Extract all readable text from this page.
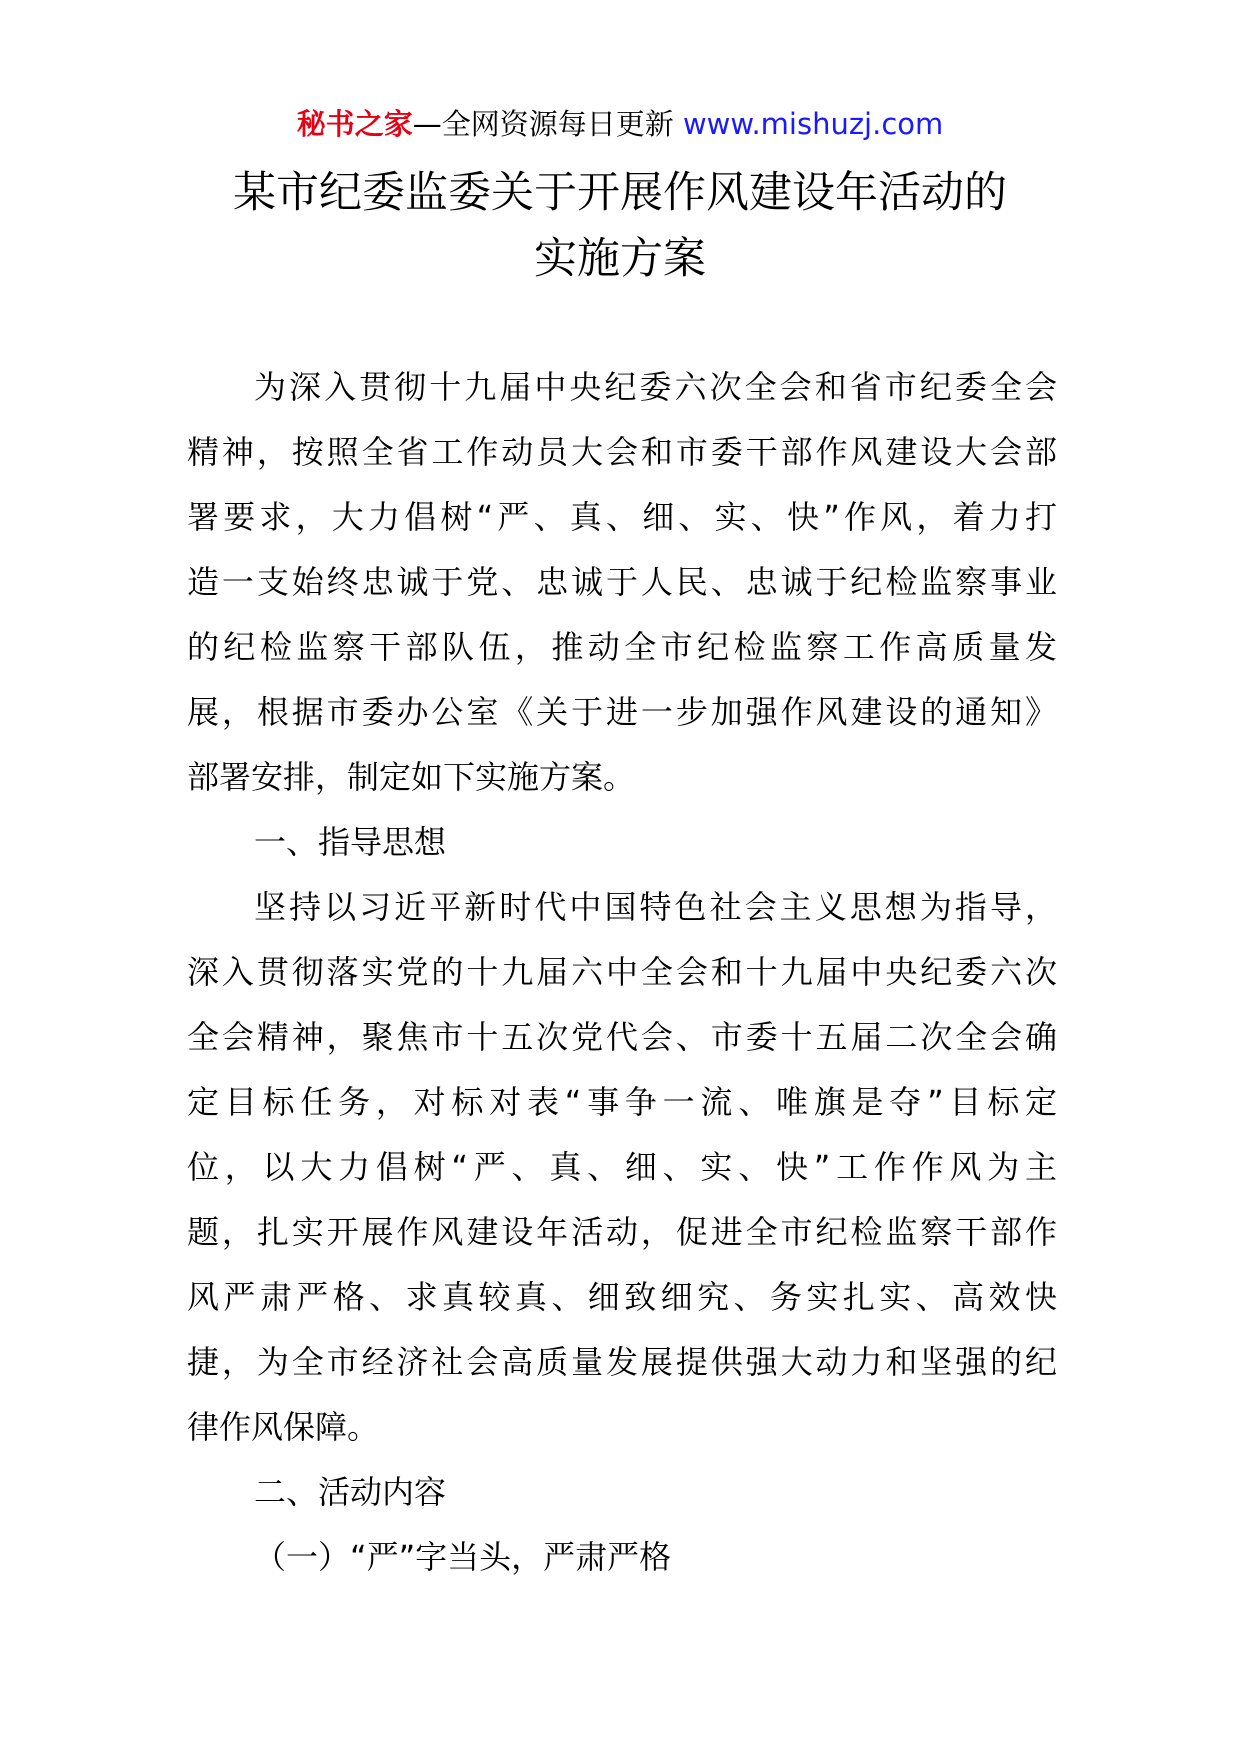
秘书之家—全网资源每日更新 www.mishuzj.com
某市纪委监委关于开展作风建设年活动的
实施方案
为深入贯彻十九届中央纪委六次全会和省市纪委全会
精神，按照全省工作动员大会和市委干部作风建设大会部
署要求，大力倡树“严、真、细、实、快”作风，着力打
造一支始终忠诚于党、忠诚于人民、忠诚于纪检监察事业
的纪检监察干部队伍，推动全市纪检监察工作高质量发
展，根据市委办公室《关于进一步加强作风建设的通知》
部署安排，制定如下实施方案。
一、指导思想
坚持以习近平新时代中国特色社会主义思想为指导，
深入贯彻落实党的十九届六中全会和十九届中央纪委六次
全会精神，聚焦市十五次党代会、市委十五届二次全会确
定目标任务，对标对表“事争一流、唯旗是夺”目标定
位，以大力倡树“严、真、细、实、快”工作作风为主
题，扎实开展作风建设年活动，促进全市纪检监察干部作
风严肃严格、求真较真、细致细究、务实扎实、高效快
捷，为全市经济社会高质量发展提供强大动力和坚强的纪
律作风保障。
二、活动内容
（一）“严”字当头，严肃严格
